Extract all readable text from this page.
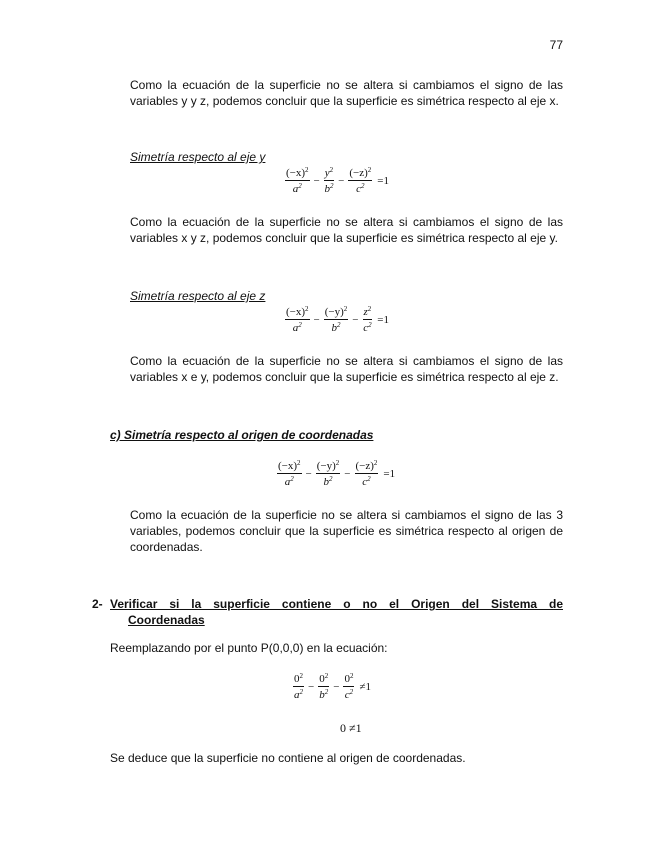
77
Como la ecuación de la superficie no se altera si cambiamos el signo de las variables y y z, podemos concluir que la superficie es simétrica respecto al eje x.
Simetría respecto al eje y
$\frac{(-x)^2}{a^2} - \frac{y^2}{b^2} - \frac{(-z)^2}{c^2} =1$
Como la ecuación de la superficie no se altera si cambiamos el signo de las variables x y z, podemos concluir que la superficie es simétrica respecto al eje y.
Simetría respecto al eje z
$\frac{(-x)^2}{a^2} - \frac{(-y)^2}{b^2} - \frac{z^2}{c^2} =1$
Como la ecuación de la superficie no se altera si cambiamos el signo de las variables x e y, podemos concluir que la superficie es simétrica respecto al eje z.
c) Simetría respecto al origen de coordenadas
$\frac{(-x)^2}{a^2} - \frac{(-y)^2}{b^2} - \frac{(-z)^2}{c^2} =1$
Como la ecuación de la superficie no se altera si cambiamos el signo de las 3 variables, podemos concluir que la superficie es simétrica respecto al origen de coordenadas.
2- Verificar si la superficie contiene o no el Origen del Sistema de
Coordenadas
Reemplazando por el punto P(0,0,0) en la ecuación:
$\frac{0^2}{a^2} - \frac{0^2}{b^2} - \frac{0^2}{c^2} \ne 1$
0 ≠1
Se deduce que la superficie no contiene al origen de coordenadas.
